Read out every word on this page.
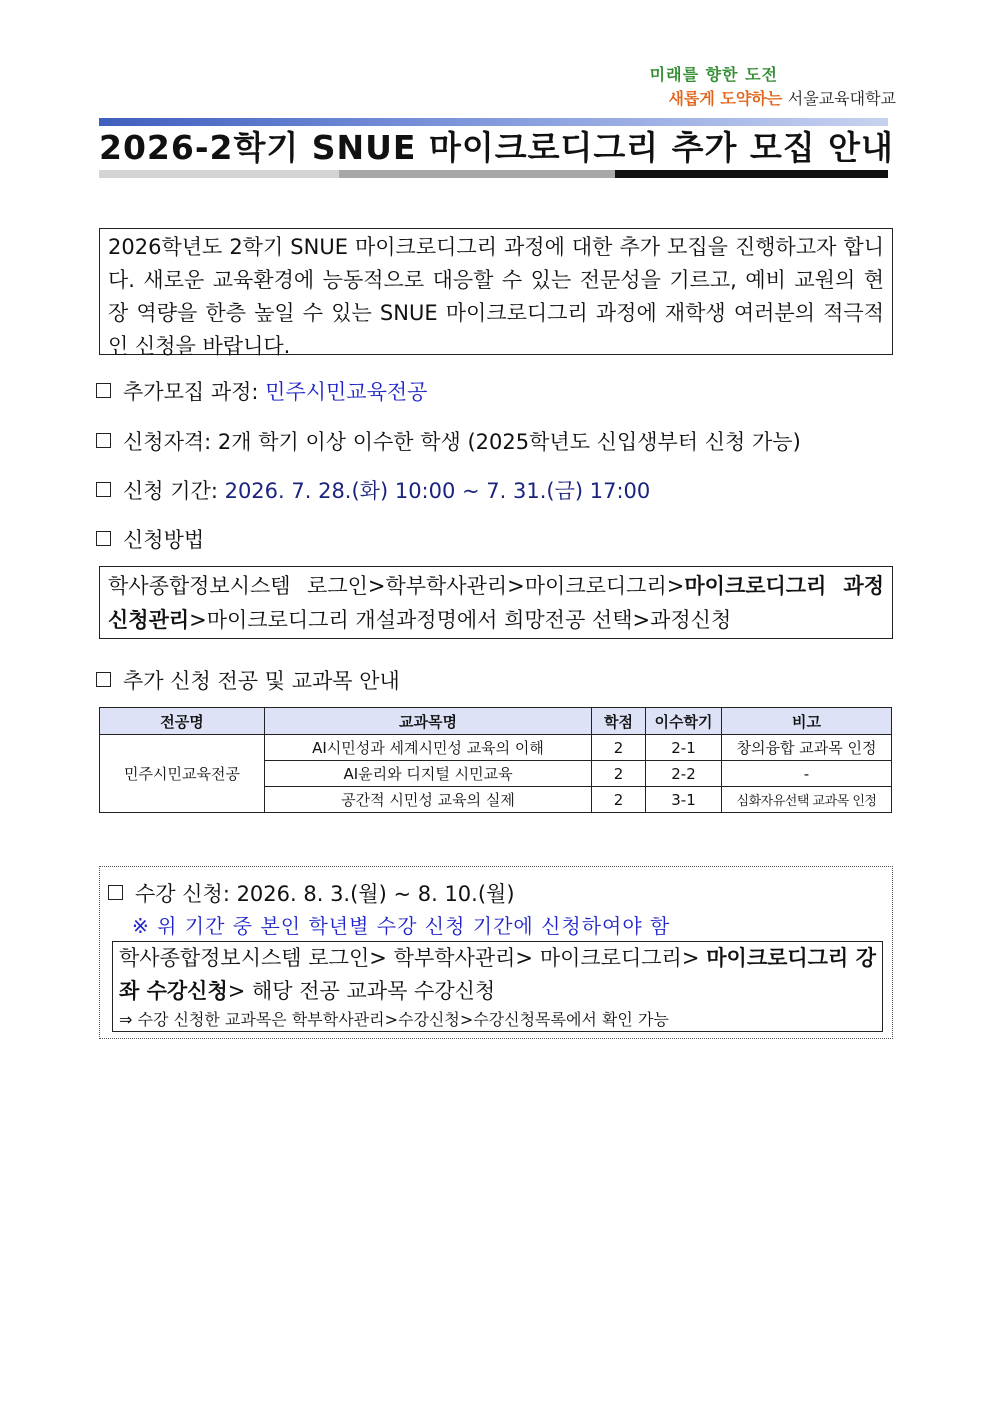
미래를 향한 도전
새롭게 도약하는 서울교육대학교
2026-2학기 SNUE 마이크로디그리 추가 모집 안내
2026학년도 2학기 SNUE 마이크로디그리 과정에 대한 추가 모집을 진행하고자 합니다. 새로운 교육환경에 능동적으로 대응할 수 있는 전문성을 기르고, 예비 교원의 현장 역량을 한층 높일 수 있는 SNUE 마이크로디그리 과정에 재학생 여러분의 적극적인 신청을 바랍니다.
추가모집 과정: 민주시민교육전공
신청자격: 2개 학기 이상 이수한 학생 (2025학년도 신입생부터 신청 가능)
신청 기간: 2026. 7. 28.(화) 10:00 ~ 7. 31.(금) 17:00
신청방법
학사종합정보시스템 로그인>학부학사관리>마이크로디그리>마이크로디그리 과정 신청관리>마이크로디그리 개설과정명에서 희망전공 선택>과정신청
추가 신청 전공 및 교과목 안내
전공명	교과목명	학점	이수학기	비고
민주시민교육전공	AI시민성과 세계시민성 교육의 이해	2	2-1	창의융합 교과목 인정
	AI윤리와 디지털 시민교육	2	2-2	-
	공간적 시민성 교육의 실제	2	3-1	심화자유선택 교과목 인정
수강 신청: 2026. 8. 3.(월) ~ 8. 10.(월)
※ 위 기간 중 본인 학년별 수강 신청 기간에 신청하여야 함
학사종합정보시스템 로그인> 학부학사관리> 마이크로디그리> 마이크로디그리 강좌 수강신청> 해당 전공 교과목 수강신청
⇒ 수강 신청한 교과목은 학부학사관리>수강신청>수강신청목록에서 확인 가능
